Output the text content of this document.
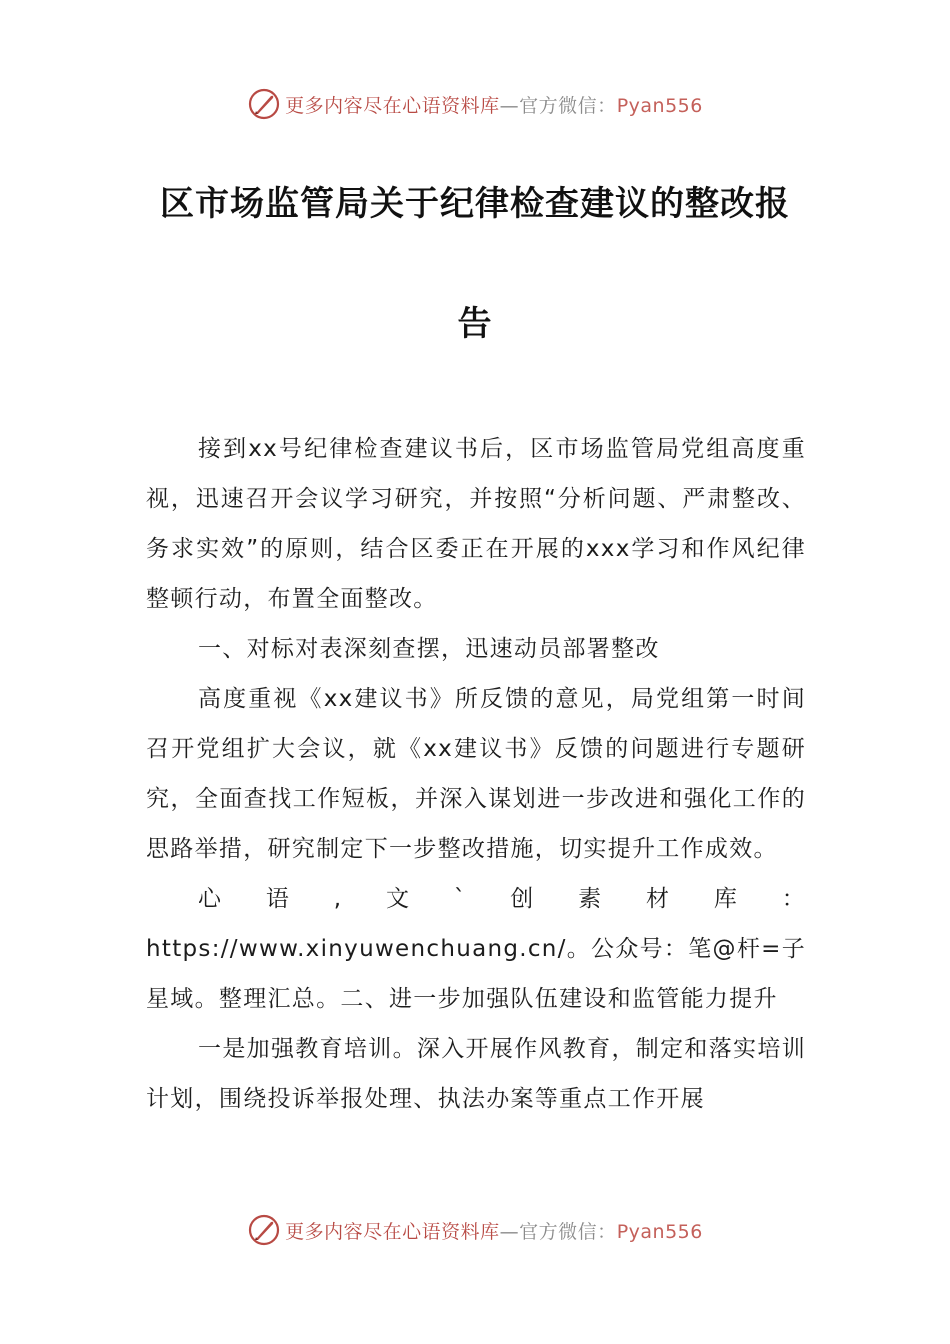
更多内容尽在心语资料库—官方微信：Pyan556
区市场监管局关于纪律检查建议的整改报
告

接到xx号纪律检查建议书后，区市场监管局党组高度重视，迅速召开会议学习研究，并按照“分析问题、严肃整改、务求实效”的原则，结合区委正在开展的xxx学习和作风纪律整顿行动，布置全面整改。

一、对标对表深刻查摆，迅速动员部署整改

高度重视《xx建议书》所反馈的意见，局党组第一时间召开党组扩大会议，就《xx建议书》反馈的问题进行专题研究，全面查找工作短板，并深入谋划进一步改进和强化工作的思路举措，研究制定下一步整改措施，切实提升工作成效。

心语,文`创素材库：https://www.xinyuwenchuang.cn/。公众号：笔@杆=子星域。整理汇总。二、进一步加强队伍建设和监管能力提升

一是加强教育培训。深入开展作风教育，制定和落实培训计划，围绕投诉举报处理、执法办案等重点工作开展

更多内容尽在心语资料库—官方微信：Pyan556
